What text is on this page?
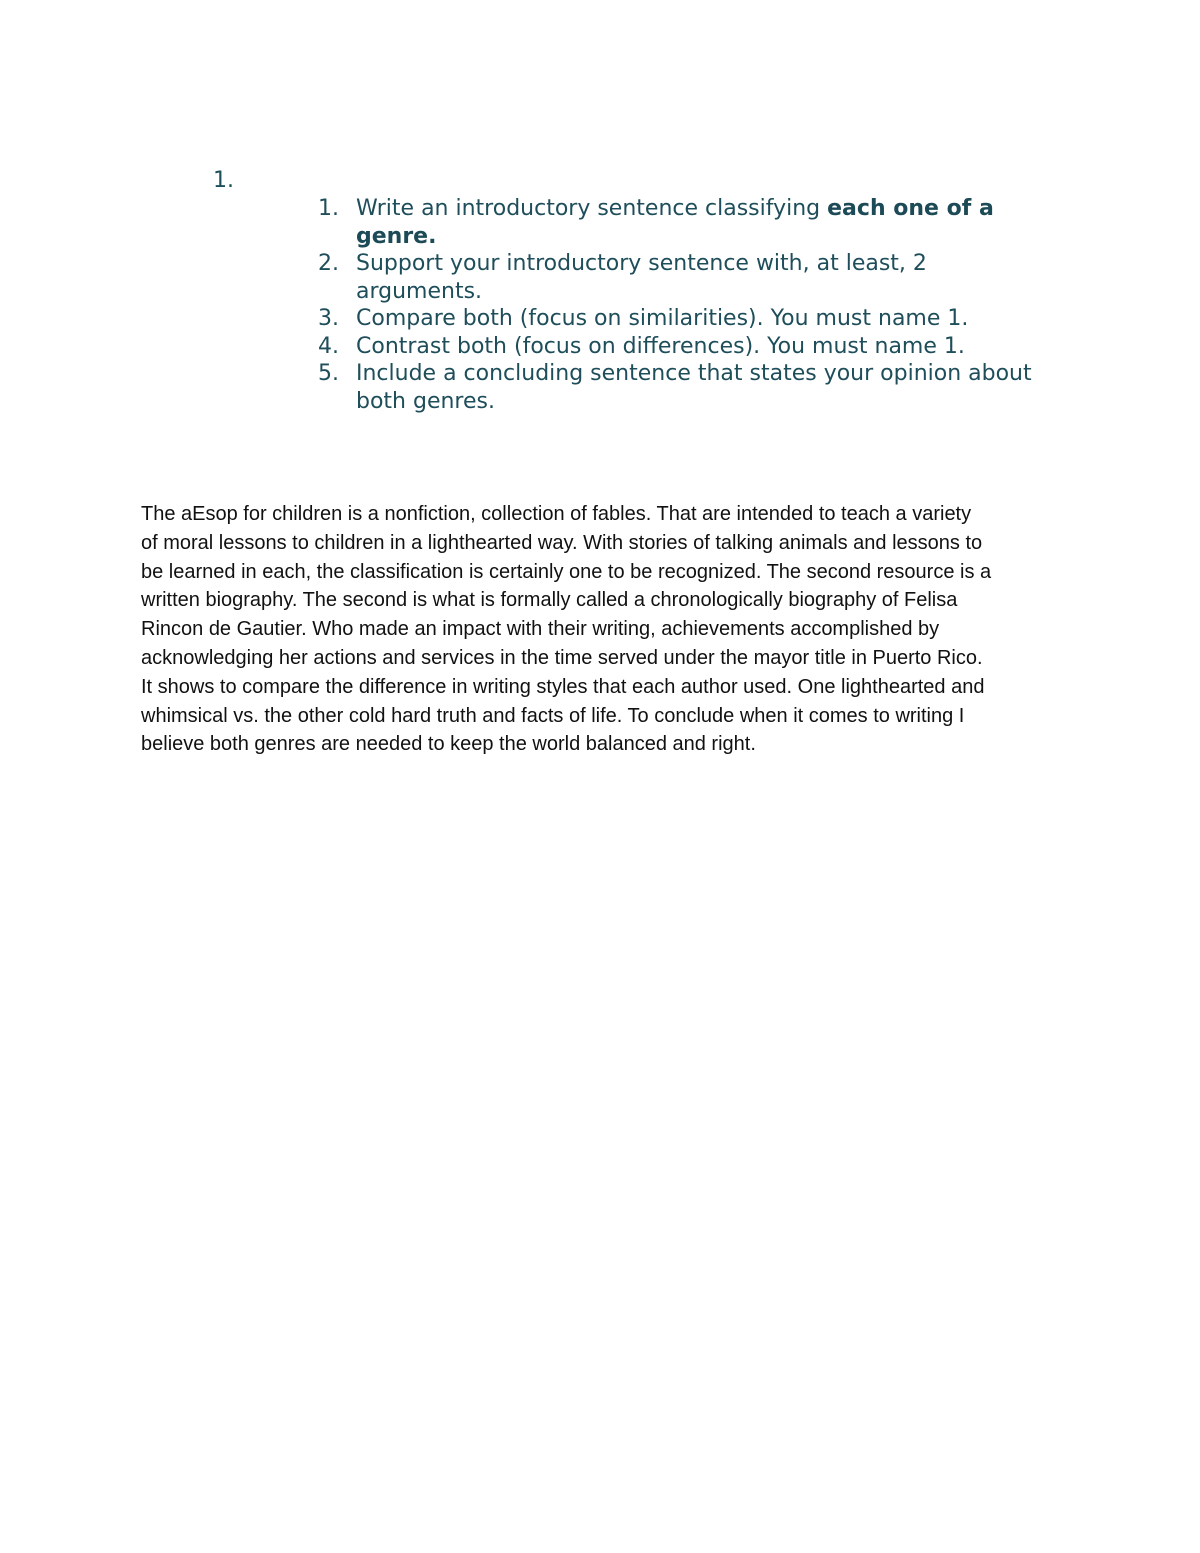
1.
1. Write an introductory sentence classifying each one of a genre.
2. Support your introductory sentence with, at least, 2 arguments.
3. Compare both (focus on similarities). You must name 1.
4. Contrast both (focus on differences). You must name 1.
5. Include a concluding sentence that states your opinion about both genres.

The aEsop for children is a nonfiction, collection of fables. That are intended to teach a variety
of moral lessons to children in a lighthearted way. With stories of talking animals and lessons to
be learned in each, the classification is certainly one to be recognized. The second resource is a
written biography. The second is what is formally called a chronologically biography of Felisa
Rincon de Gautier. Who made an impact with their writing, achievements accomplished by
acknowledging her actions and services in the time served under the mayor title in Puerto Rico.
It shows to compare the difference in writing styles that each author used. One lighthearted and
whimsical vs. the other cold hard truth and facts of life. To conclude when it comes to writing I
believe both genres are needed to keep the world balanced and right.
